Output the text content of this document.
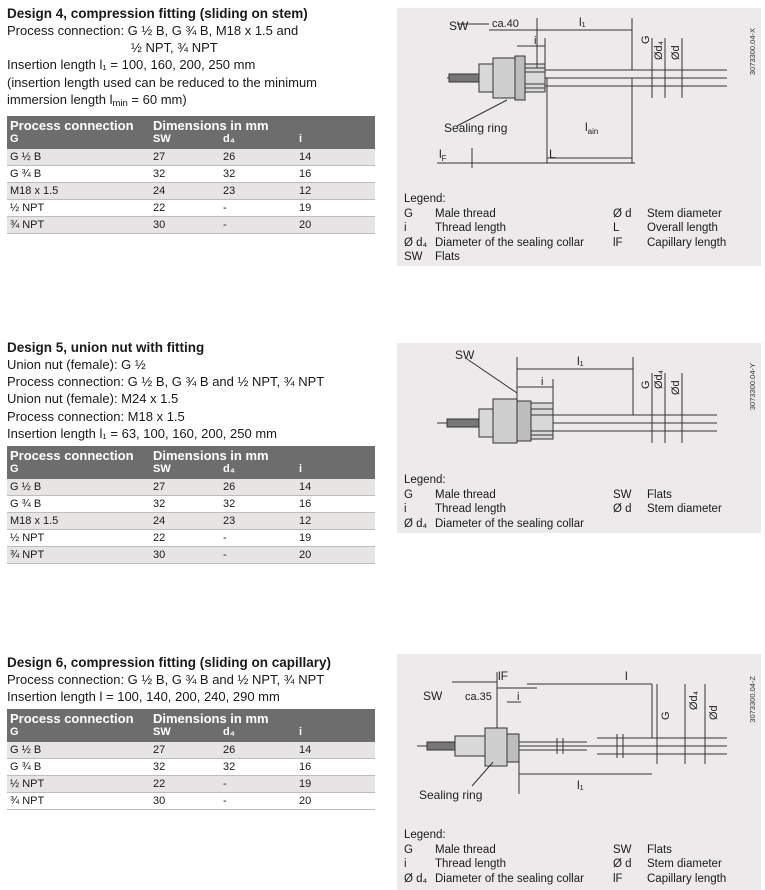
Design 4, compression fitting (sliding on stem)

Process connection: G ½ B, G ¾ B, M18 x 1.5 and

½ NPT, ¾ NPT

Insertion length l₁ = 100, 160, 200, 250 mm

(insertion length used can be reduced to the minimum

immersion length lmin = 60 mm)

Process connection	Dimensions in mm
G	SW	d₄	i
G ½ B	27	26	14
G ¾ B	32	32	16
M18 x 1.5	24	23	12
½ NPT	22	-	19
¾ NPT	30	-	20
SW ca.40	l₁
i	G
Ød₄ Ød
Sealing ring	$l_{ain}$
$l_F$	L
3073300.04-X
Legend:
G	Male thread	Ø d	Stem diameter
i	Thread length	L	Overall length
Ø d₄ Diameter of the sealing collar	lF	Capillary length
SW	Flats

Design 5, union nut with fitting

Union nut (female): G ½

Process connection: G ½ B, G ¾ B and ½ NPT, ¾ NPT

Union nut (female): M24 x 1.5

Process connection: M18 x 1.5

Insertion length l₁ = 63, 100, 160, 200, 250 mm

Process connection	Dimensions in mm
G	SW	d₄	i
G ½ B	27	26	14
G ¾ B	32	32	16
M18 x 1.5	24	23	12
½ NPT	22	-	19
¾ NPT	30	-	20
SW	l₁
i	G Ød₄ Ød	3073300.04-Y
Legend:
G	Male thread	SW	Flats
i	Thread length	Ø d	Stem diameter
Ø d₄ Diameter of the sealing collar

Design 6, compression fitting (sliding on capillary)

Process connection: G ½ B, G ¾ B and ½ NPT, ¾ NPT

Insertion length l = 100, 140, 200, 240, 290 mm

Process connection	Dimensions in mm
G	SW	d₄	i
G ½ B	27	26	14
G ¾ B	32	32	16
½ NPT	22	-	19
¾ NPT	30	-	20
SW ca.35
lF	l
i
G
Ød₄
Ød
Sealing ring
l₁
3073300.04-Z
Legend:
G	Male thread	SW	Flats
i	Thread length	Ø d	Stem diameter
Ø d₄ Diameter of the sealing collar	lF	Capillary length
